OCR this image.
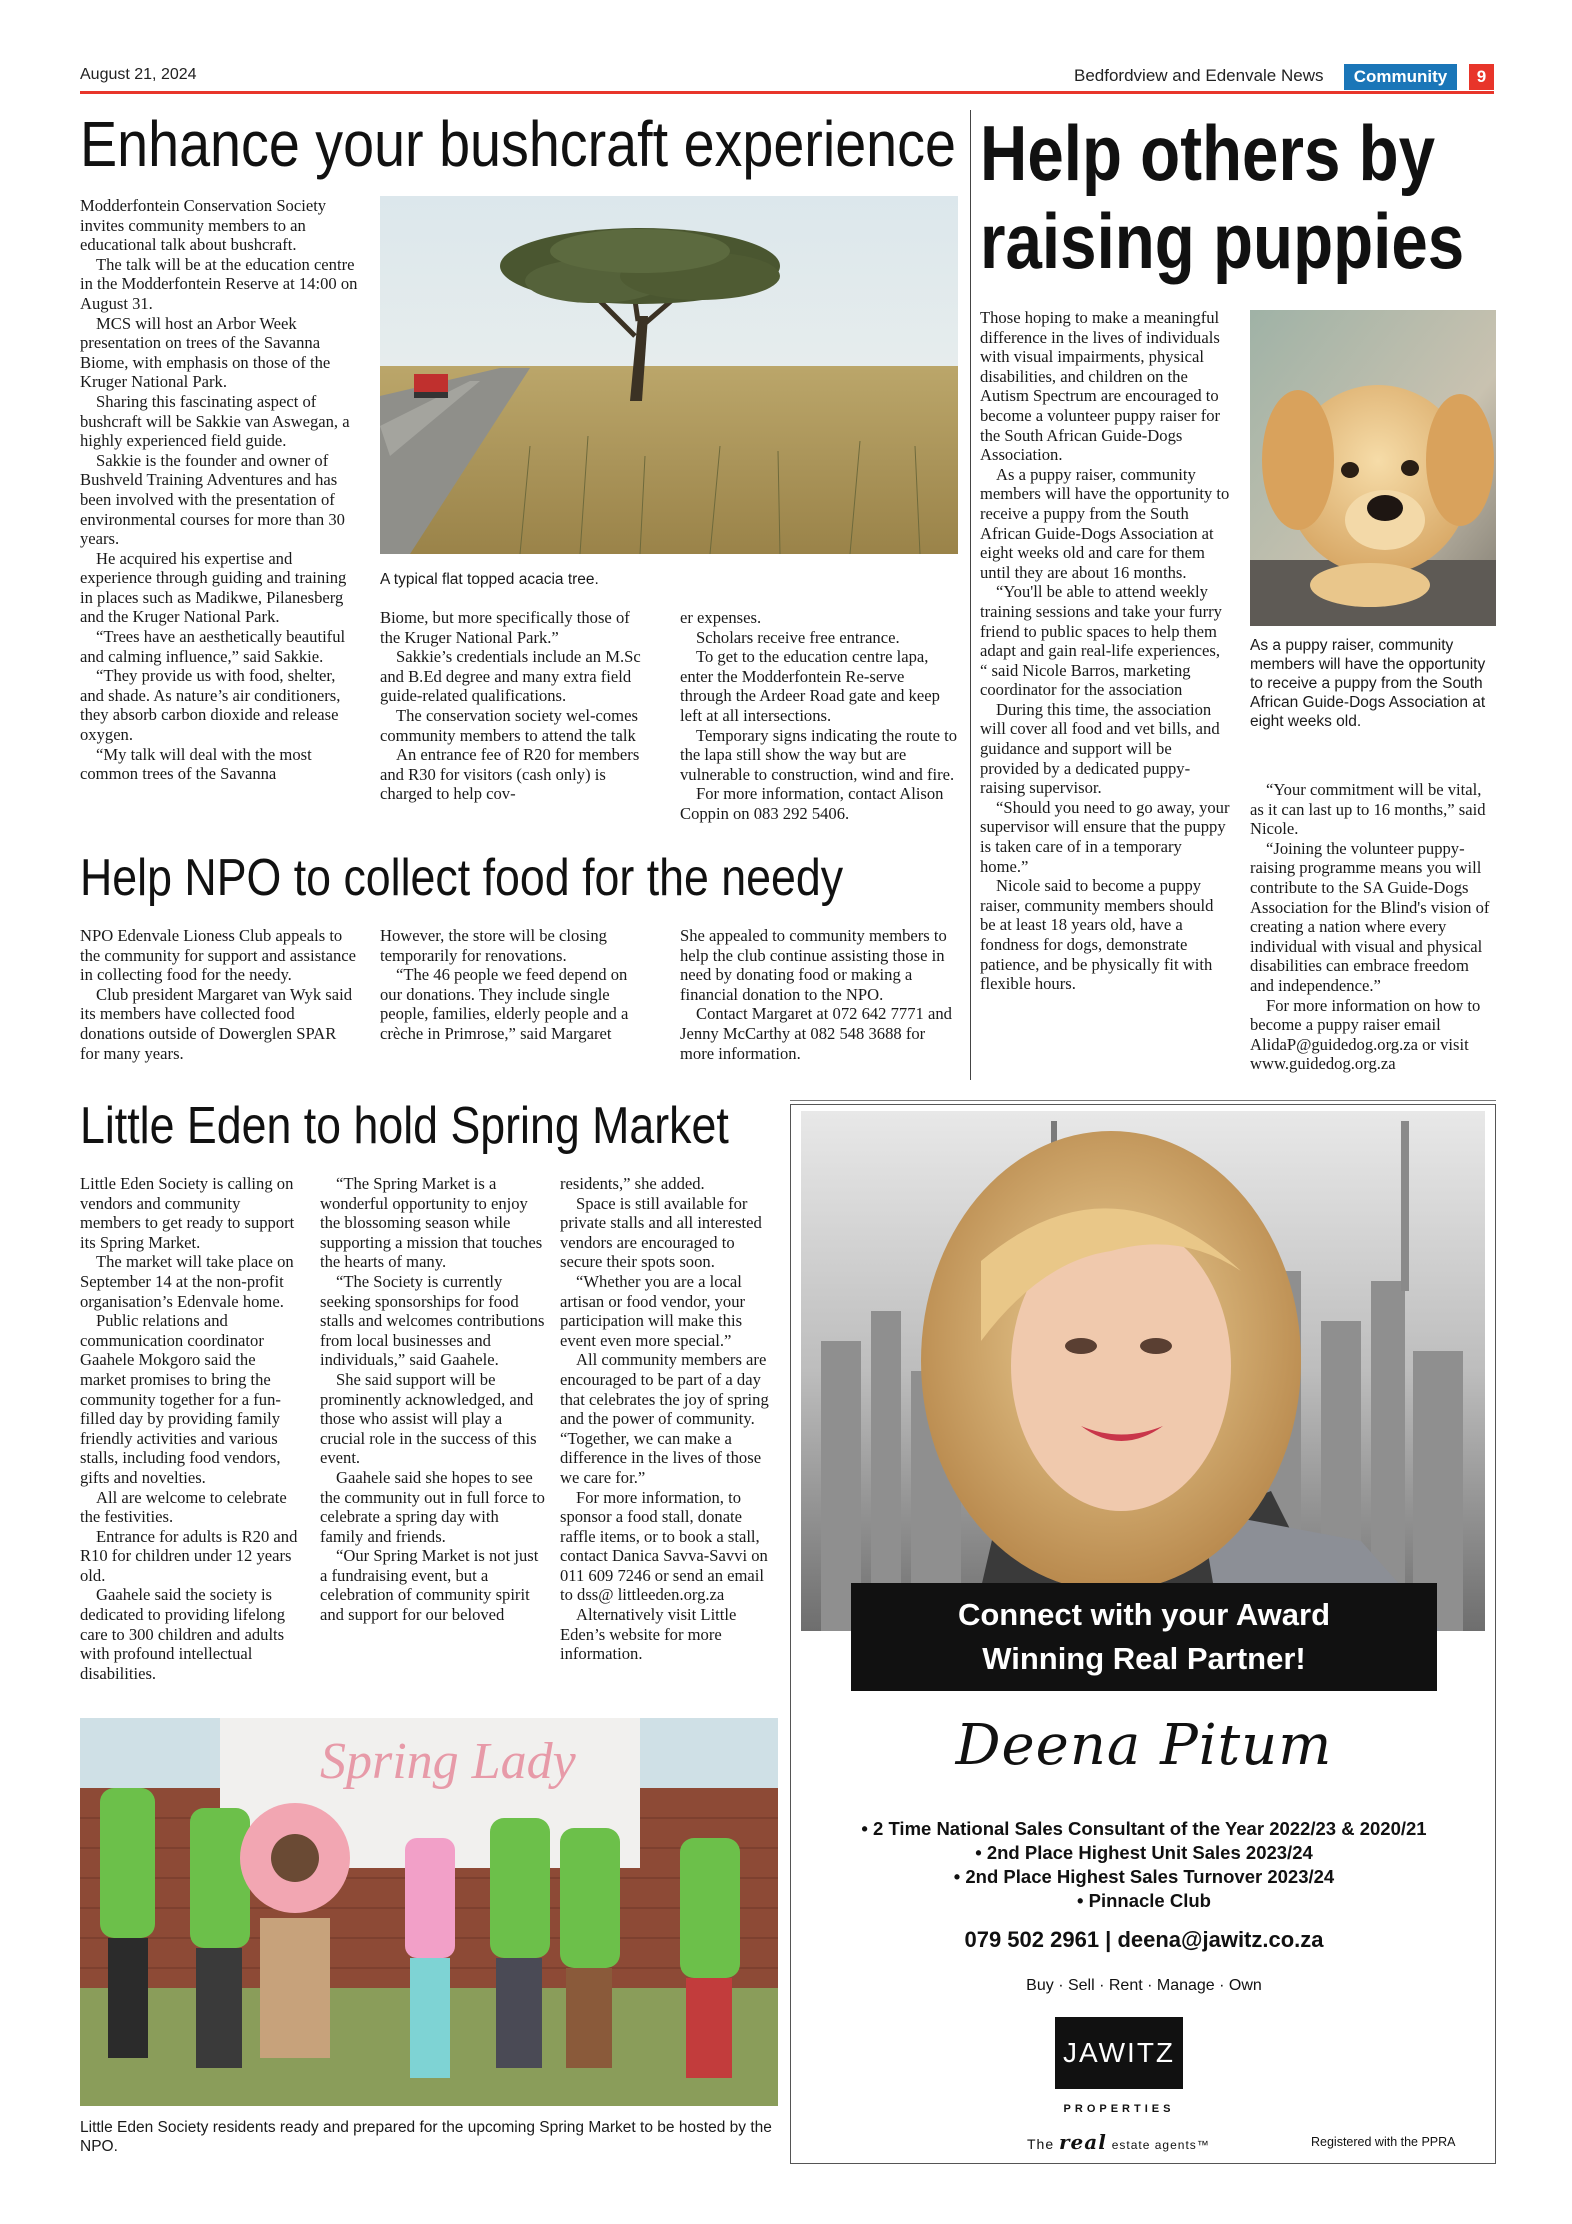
August 21, 2024	Bedfordview and Edenvale News	Community	9
Enhance your bushcraft experience

Modderfontein Conservation Society invites community members to an educational talk about bushcraft.

The talk will be at the education centre in the Modderfontein Reserve at 14:00 on August 31.

MCS will host an Arbor Week presentation on trees of the Savanna Biome, with emphasis on those of the Kruger National Park.

Sharing this fascinating aspect of bushcraft will be Sakkie van Aswegan, a highly experienced field guide.

Sakkie is the founder and owner of Bushveld Training Adventures and has been involved with the presentation of environmental courses for more than 30 years.

He acquired his expertise and experience through guiding and training in places such as Madikwe, Pilanesberg and the Kruger National Park.

“Trees have an aesthetically beautiful and calming influence,” said Sakkie.

“They provide us with food, shelter, and shade. As nature’s air conditioners, they absorb carbon dioxide and release oxygen.

“My talk will deal with the most common trees of the Savanna

A typical flat topped acacia tree.

Biome, but more specifically those of the Kruger National Park.”

Sakkie’s credentials include an M.Sc and B.Ed degree and many extra field guide-related qualifications.

The conservation society wel-comes community members to attend the talk

An entrance fee of R20 for members and R30 for visitors (cash only) is charged to help cov-

er expenses.

Scholars receive free entrance.

To get to the education centre lapa, enter the Modderfontein Re-serve through the Ardeer Road gate and keep left at all intersections.

Temporary signs indicating the route to the lapa still show the way but are vulnerable to construction, wind and fire.

For more information, contact Alison Coppin on 083 292 5406.

Help NPO to collect food for the needy

NPO Edenvale Lioness Club appeals to the community for support and assistance in collecting food for the needy.

Club president Margaret van Wyk said its members have collected food donations outside of Dowerglen SPAR for many years.

However, the store will be closing temporarily for renovations.

“The 46 people we feed depend on our donations. They include single people, families, elderly people and a crèche in Primrose,” said Margaret

She appealed to community members to help the club continue assisting those in need by donating food or making a financial donation to the NPO.

Contact Margaret at 072 642 7771 and Jenny McCarthy at 082 548 3688 for more information.

Help others by
raising puppies

Those hoping to make a meaningful difference in the lives of individuals with visual impairments, physical disabilities, and children on the Autism Spectrum are encouraged to become a volunteer puppy raiser for the South African Guide-Dogs Association.

As a puppy raiser, community members will have the opportunity to receive a puppy from the South African Guide-Dogs Association at eight weeks old and care for them until they are about 16 months.

“You'll be able to attend weekly training sessions and take your furry friend to public spaces to help them adapt and gain real-life experiences, “ said Nicole Barros, marketing coordinator for the association

During this time, the association will cover all food and vet bills, and guidance and support will be provided by a dedicated puppy-raising supervisor.

“Should you need to go away, your supervisor will ensure that the puppy is taken care of in a temporary home.”

Nicole said to become a puppy raiser, community members should be at least 18 years old, have a fondness for dogs, demonstrate patience, and be physically fit with flexible hours.

As a puppy raiser, community members will have the opportunity to receive a puppy from the South African Guide-Dogs Association at eight weeks old.

“Your commitment will be vital, as it can last up to 16 months,” said Nicole.

“Joining the volunteer puppy-raising programme means you will contribute to the SA Guide-Dogs Association for the Blind's vision of creating a nation where every individual with visual and physical disabilities can embrace freedom and independence.”

For more information on how to become a puppy raiser email AlidaP@guidedog.org.za or visit www.guidedog.org.za

Little Eden to hold Spring Market

Little Eden Society is calling on vendors and community members to get ready to support its Spring Market.

The market will take place on September 14 at the non-profit organisation’s Edenvale home.

Public relations and communication coordinator Gaahele Mokgoro said the market promises to bring the community together for a fun-filled day by providing family friendly activities and various stalls, including food vendors, gifts and novelties.

All are welcome to celebrate the festivities.

Entrance for adults is R20 and R10 for children under 12 years old.

Gaahele said the society is dedicated to providing lifelong care to 300 children and adults with profound intellectual disabilities.

“The Spring Market is a wonderful opportunity to enjoy the blossoming season while supporting a mission that touches the hearts of many.

“The Society is currently seeking sponsorships for food stalls and welcomes contributions from local businesses and individuals,” said Gaahele.

She said support will be prominently acknowledged, and those who assist will play a crucial role in the success of this event.

Gaahele said she hopes to see the community out in full force to celebrate a spring day with family and friends.

“Our Spring Market is not just a fundraising event, but a celebration of community spirit and support for our beloved

residents,” she added.

Space is still available for private stalls and all interested vendors are encouraged to secure their spots soon.

“Whether you are a local artisan or food vendor, your participation will make this event even more special.”

All community members are encouraged to be part of a day that celebrates the joy of spring and the power of community. “Together, we can make a difference in the lives of those we care for.”

For more information, to sponsor a food stall, donate raffle items, or to book a stall, contact Danica Savva-Savvi on 011 609 7246 or send an email to dss@ littleeden.org.za

Alternatively visit Little Eden’s website for more information.

Spring Lady
Little Eden Society residents ready and prepared for the upcoming Spring Market to be hosted by the NPO.
Connect with your Award
Winning Real Partner!
Deena Pitum
• 2 Time National Sales Consultant of the Year 2022/23 & 2020/21
• 2nd Place Highest Unit Sales 2023/24
• 2nd Place Highest Sales Turnover 2023/24
• Pinnacle Club
079 502 2961 | deena@jawitz.co.za
Buy · Sell · Rent · Manage · Own
JAWITZ
PROPERTIES
The real estate agents™	Registered with the PPRA
